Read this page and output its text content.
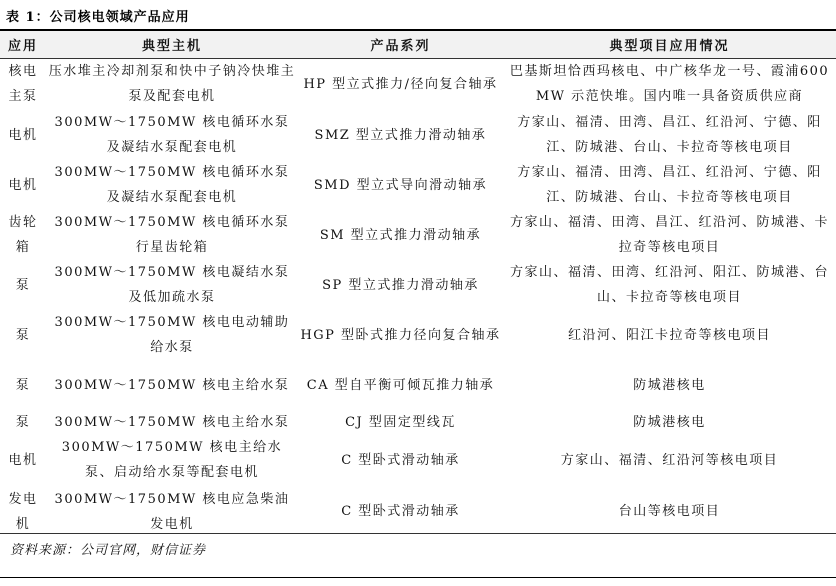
表 1：公司核电领域产品应用
应用	典型主机	产品系列	典型项目应用情况
核电主泵	压水堆主冷却剂泵和快中子钠冷快堆主泵及配套电机	HP 型立式推力/径向复合轴承	巴基斯坦恰西玛核电、中广核华龙一号、霞浦600MW 示范快堆。国内唯一具备资质供应商
电机	300MW～1750MW 核电循环水泵及凝结水泵配套电机	SMZ 型立式推力滑动轴承	方家山、福清、田湾、昌江、红沿河、宁德、阳江、防城港、台山、卡拉奇等核电项目
电机	300MW～1750MW 核电循环水泵及凝结水泵配套电机	SMD 型立式导向滑动轴承	方家山、福清、田湾、昌江、红沿河、宁德、阳江、防城港、台山、卡拉奇等核电项目
齿轮箱	300MW～1750MW 核电循环水泵行星齿轮箱	SM 型立式推力滑动轴承	方家山、福清、田湾、昌江、红沿河、防城港、卡拉奇等核电项目
泵	300MW～1750MW 核电凝结水泵及低加疏水泵	SP 型立式推力滑动轴承	方家山、福清、田湾、红沿河、阳江、防城港、台山、卡拉奇等核电项目
泵	300MW～1750MW 核电电动辅助给水泵	HGP 型卧式推力径向复合轴承	红沿河、阳江卡拉奇等核电项目
泵	300MW～1750MW 核电主给水泵	CA 型自平衡可倾瓦推力轴承	防城港核电
泵	300MW～1750MW 核电主给水泵	CJ 型固定型线瓦	防城港核电
电机	300MW～1750MW 核电主给水泵、启动给水泵等配套电机	C 型卧式滑动轴承	方家山、福清、红沿河等核电项目
发电机	300MW～1750MW 核电应急柴油发电机	C 型卧式滑动轴承	台山等核电项目
资料来源：公司官网，财信证券
